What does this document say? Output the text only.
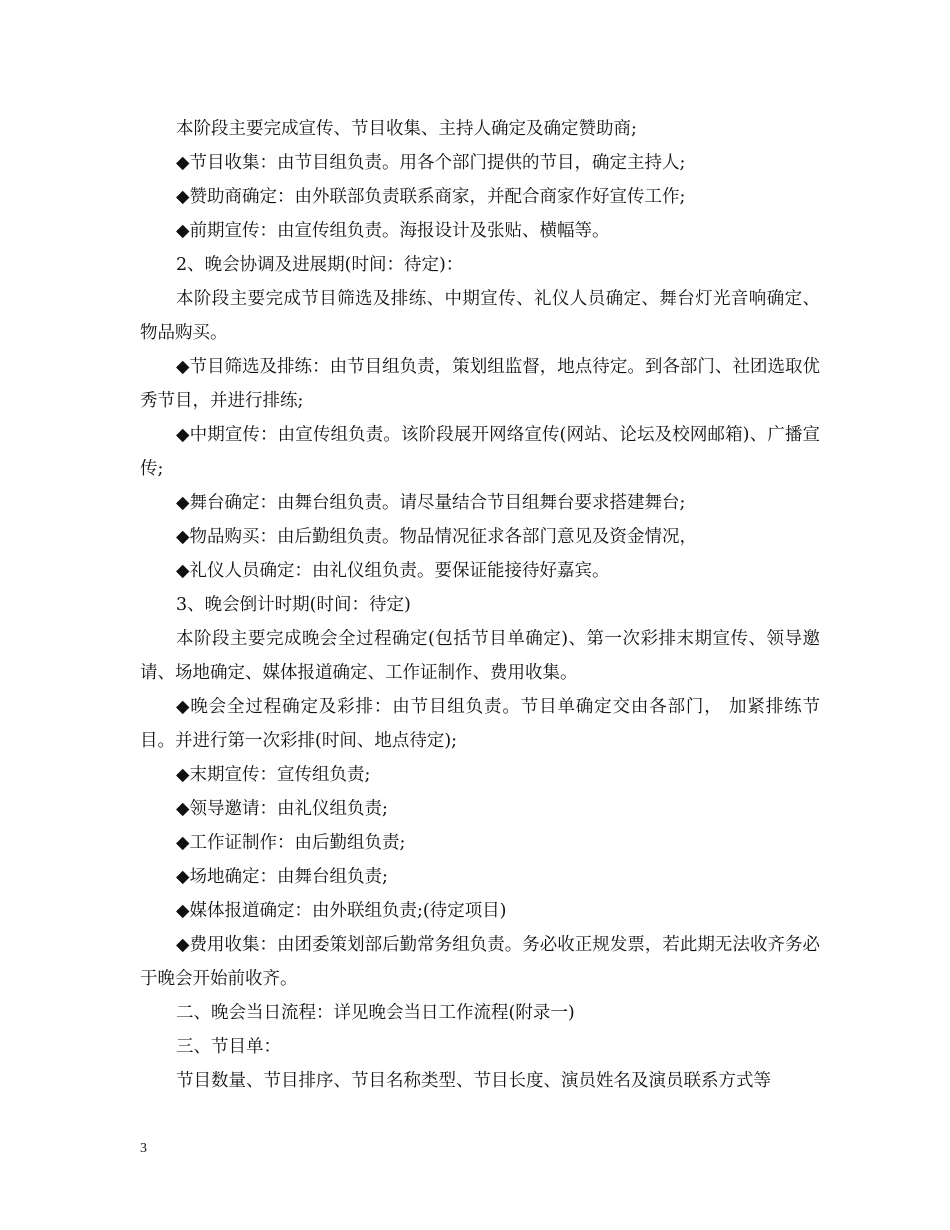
本阶段主要完成宣传、节目收集、主持人确定及确定赞助商;

◆节目收集：由节目组负责。用各个部门提供的节目，确定主持人;

◆赞助商确定：由外联部负责联系商家，并配合商家作好宣传工作;

◆前期宣传：由宣传组负责。海报设计及张贴、横幅等。

2、晚会协调及进展期(时间：待定)：

本阶段主要完成节目筛选及排练、中期宣传、礼仪人员确定、舞台灯光音响确定、物品购买。

◆节目筛选及排练：由节目组负责，策划组监督，地点待定。到各部门、社团选取优秀节目，并进行排练;

◆中期宣传：由宣传组负责。该阶段展开网络宣传(网站、论坛及校网邮箱)、广播宣传;

◆舞台确定：由舞台组负责。请尽量结合节目组舞台要求搭建舞台;

◆物品购买：由后勤组负责。物品情况征求各部门意见及资金情况，

◆礼仪人员确定：由礼仪组负责。要保证能接待好嘉宾。

3、晚会倒计时期(时间：待定)

本阶段主要完成晚会全过程确定(包括节目单确定)、第一次彩排末期宣传、领导邀请、场地确定、媒体报道确定、工作证制作、费用收集。

◆晚会全过程确定及彩排：由节目组负责。节目单确定交由各部门， 加紧排练节目。并进行第一次彩排(时间、地点待定);

◆末期宣传：宣传组负责;

◆领导邀请：由礼仪组负责;

◆工作证制作：由后勤组负责;

◆场地确定：由舞台组负责;

◆媒体报道确定：由外联组负责;(待定项目)

◆费用收集：由团委策划部后勤常务组负责。务必收正规发票，若此期无法收齐务必于晚会开始前收齐。

二、晚会当日流程：详见晚会当日工作流程(附录一)

三、节目单：

节目数量、节目排序、节目名称类型、节目长度、演员姓名及演员联系方式等

3
